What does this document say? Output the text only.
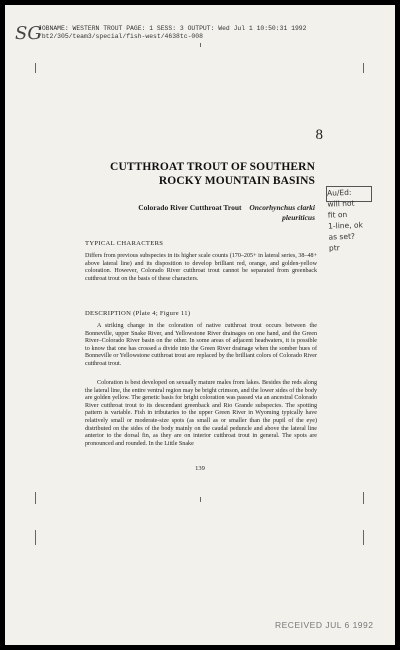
SG
JOBNAME: WESTERN TROUT PAGE: 1 SESS: 3 OUTPUT: Wed Jul 1 10:50:31 1992
/bt2/305/team3/special/fish-west/4638tc-008
8
CUTTHROAT TROUT OF SOUTHERN
ROCKY MOUNTAIN BASINS
Colorado River Cutthroat Trout Oncorhynchus clarki
pleuriticus
Au/Ed:
will not
fit on
1-line, ok
as set?
ptr
TYPICAL CHARACTERS

Differs from previous subspecies in its higher scale counts (170–205+ in lateral series, 38–48+ above lateral line) and its disposition to develop brilliant red, orange, and golden-yellow coloration. However, Colorado River cutthroat trout cannot be separated from greenback cutthroat trout on the basis of these characters.

DESCRIPTION (Plate 4; Figure 11)

A striking change in the coloration of native cutthroat trout occurs between the Bonneville, upper Snake River, and Yellowstone River drainages on one hand, and the Green River–Colorado River basin on the other. In some areas of adjacent headwaters, it is possible to know that one has crossed a divide into the Green River drainage when the somber hues of Bonneville or Yellowstone cutthroat trout are replaced by the brilliant colors of Colorado River cutthroat trout.

Coloration is best developed on sexually mature males from lakes. Besides the reds along the lateral line, the entire ventral region may be bright crimson, and the lower sides of the body are golden yellow. The genetic basis for bright coloration was passed via an ancestral Colorado River cutthroat trout to its descendant greenback and Rio Grande subspecies. The spotting pattern is variable. Fish in tributaries to the upper Green River in Wyoming typically have relatively small or moderate-size spots (as small as or smaller than the pupil of the eye) distributed on the sides of the body mainly on the caudal peduncle and above the lateral line anterior to the dorsal fin, as they are on interior cutthroat trout in general. The spots are pronounced and rounded. In the Little Snake

139
RECEIVED JUL 6 1992
